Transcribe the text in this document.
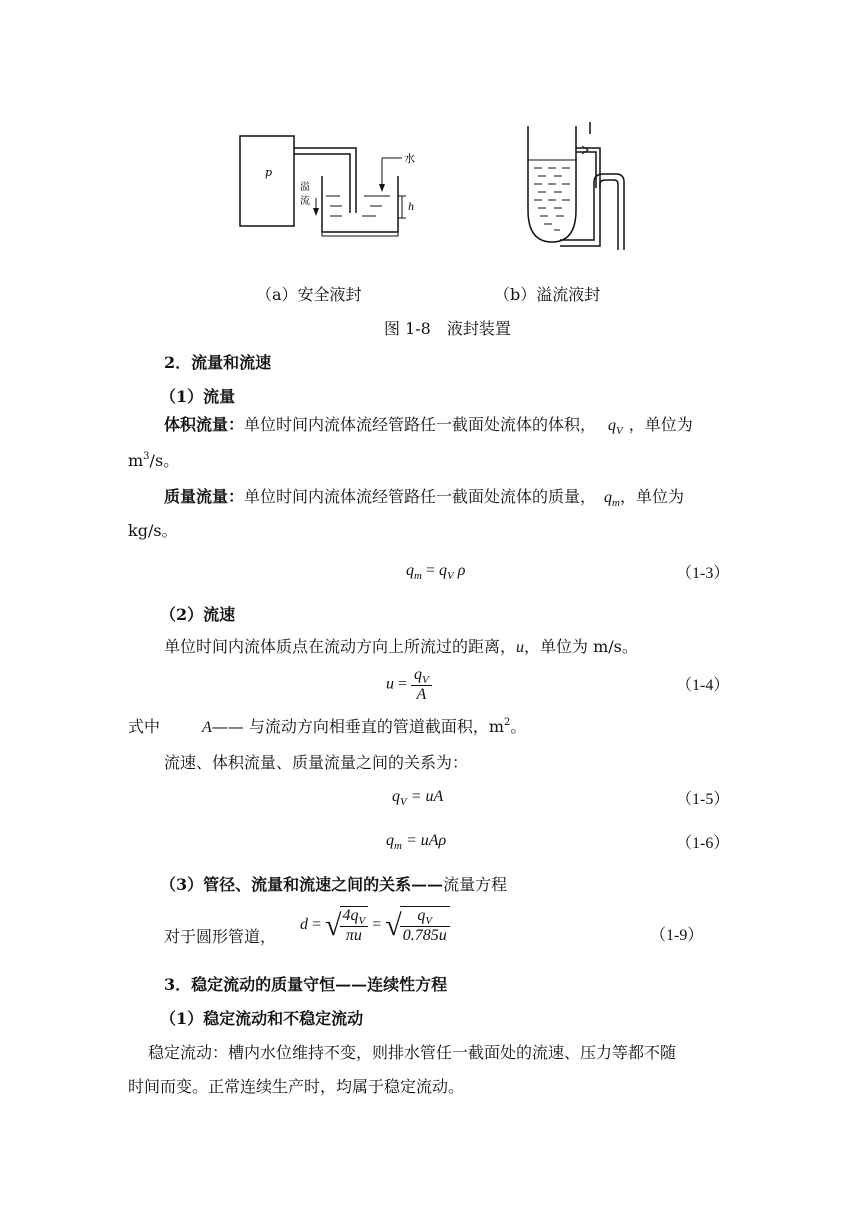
p
水
溢
流
h
（a）安全液封	（b）溢流液封
图 1-8　液封装置
2．流量和流速
（1）流量
体积流量：单位时间内流体流经管路任一截面处流体的体积， $q_V$ ，单位为
$m^3/s$。
质量流量：单位时间内流体流经管路任一截面处流体的质量， $q_m$，单位为
kg/s。
$q_m = q_V$ ρ	（1-3）
（2）流速
单位时间内流体质点在流动方向上所流过的距离，u，单位为 m/s。
$u = \frac{q_V}{A}$	（1-4）
式中	A—— 与流动方向相垂直的管道截面积，$m^2$。
流速、体积流量、质量流量之间的关系为：
$q_V$ = uA	（1-5）
$q_m = uA\rho$	（1-6）
（3）管径、流量和流速之间的关系——流量方程
对于圆形管道，
d = √
$\frac{4q_V}{\pi u}$ = √
$\frac{q_V}{0.785u}$	（1-9）
3．稳定流动的质量守恒——连续性方程
（1）稳定流动和不稳定流动
稳定流动：槽内水位维持不变，则排水管任一截面处的流速、压力等都不随
时间而变。正常连续生产时，均属于稳定流动。
